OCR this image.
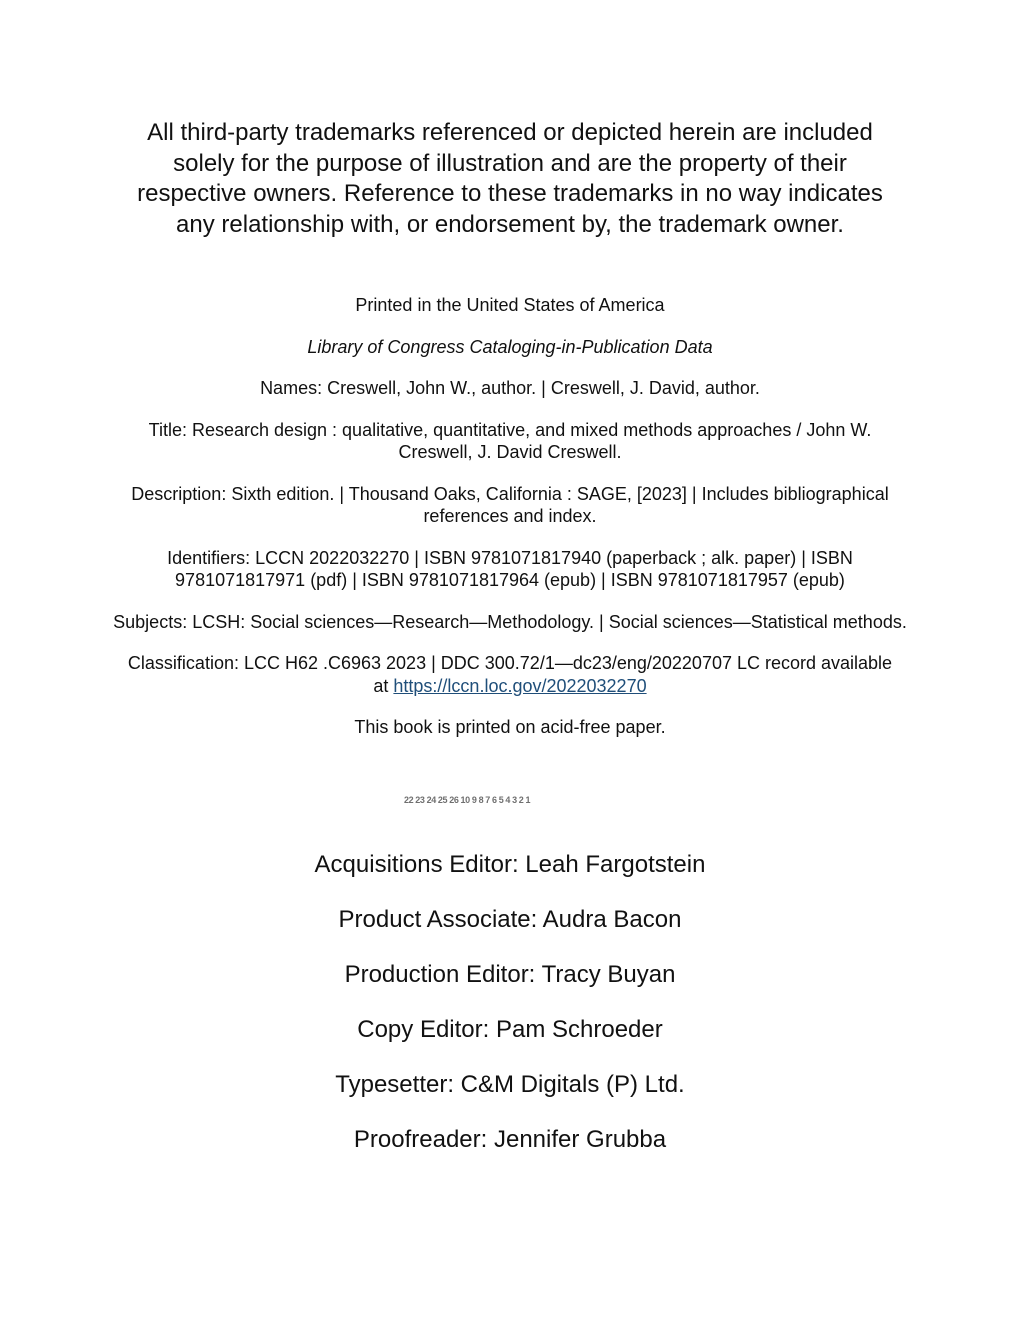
All third-party trademarks referenced or depicted herein are included solely for the purpose of illustration and are the property of their respective owners. Reference to these trademarks in no way indicates any relationship with, or endorsement by, the trademark owner.

Printed in the United States of America

Library of Congress Cataloging-in-Publication Data

Names: Creswell, John W., author. | Creswell, J. David, author.

Title: Research design : qualitative, quantitative, and mixed methods approaches / John W. Creswell, J. David Creswell.

Description: Sixth edition. | Thousand Oaks, California : SAGE, [2023] | Includes bibliographical references and index.

Identifiers: LCCN 2022032270 | ISBN 9781071817940 (paperback ; alk. paper) | ISBN 9781071817971 (pdf) | ISBN 9781071817964 (epub) | ISBN 9781071817957 (epub)

Subjects: LCSH: Social sciences—Research—Methodology. | Social sciences—Statistical methods.

Classification: LCC H62 .C6963 2023 | DDC 300.72/1—dc23/eng/20220707 LC record available at https://lccn.loc.gov/2022032270

This book is printed on acid-free paper.

22 23 24 25 26 10 9 8 7 6 5 4 3 2 1

Acquisitions Editor: Leah Fargotstein

Product Associate: Audra Bacon

Production Editor: Tracy Buyan

Copy Editor: Pam Schroeder

Typesetter: C&M Digitals (P) Ltd.

Proofreader: Jennifer Grubba
